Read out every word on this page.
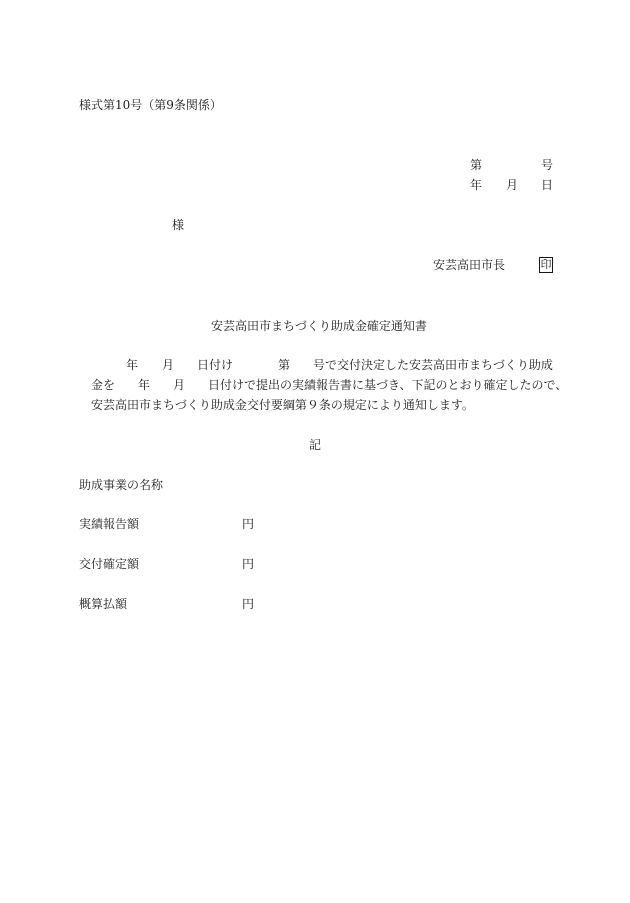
様式第10号（第9条関係）
第	号
年 月 日
様
安芸高田市長	印
安芸高田市まちづくり助成金確定通知書
年 月 日付け	第 号で交付決定した安芸高田市まちづくり助成
金を 年 月 日付けで提出の実績報告書に基づき、下記のとおり確定したので、
安芸高田市まちづくり助成金交付要綱第９条の規定により通知します。
記
助成事業の名称
実績報告額	円
交付確定額	円
概算払額	円
